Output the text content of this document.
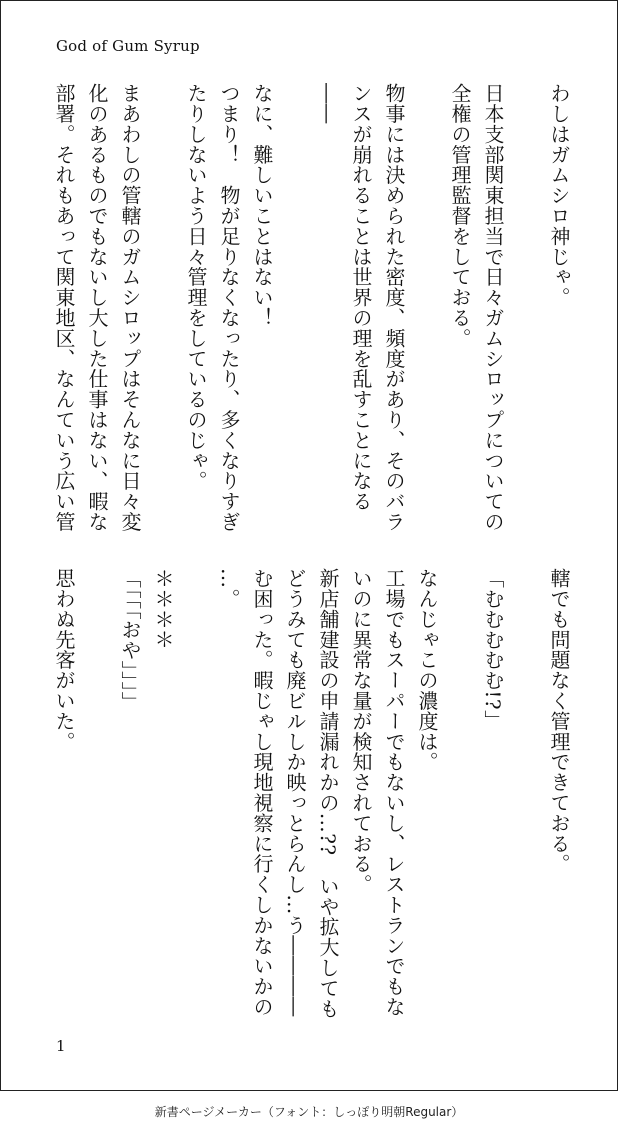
God of Gum Syrup
わしはガムシロ神じゃ。

日本支部関東担当で日々ガムシロップについての
全権の管理監督をしておる。

物事には決められた密度、頻度があり、そのバラ
ンスが崩れることは世界の理を乱すことになる
――

なに、難しいことはない！
つまり！　物が足りなくなったり、多くなりすぎ
たりしないよう日々管理をしているのじゃ。

まあわしの管轄のガムシロップはそんなに日々変
化のあるものでもないし大した仕事はない、暇な
部署。それもあって関東地区、なんていう広い管
轄でも問題なく管理できておる。

「むむむむむ!?」

なんじゃこの濃度は。
工場でもスーパーでもないし、レストランでもな
いのに異常な量が検知されておる。
新店舗建設の申請漏れかの…??　いや拡大しても
どうみても廃ビルしか映っとらんし…う――――
む困った。暇じゃし現地視察に行くしかないかの
…。

＊＊＊＊
「「「「おや」」」」

思わぬ先客がいた。
1
新書ページメーカー（フォント：しっぽり明朝Regular）
